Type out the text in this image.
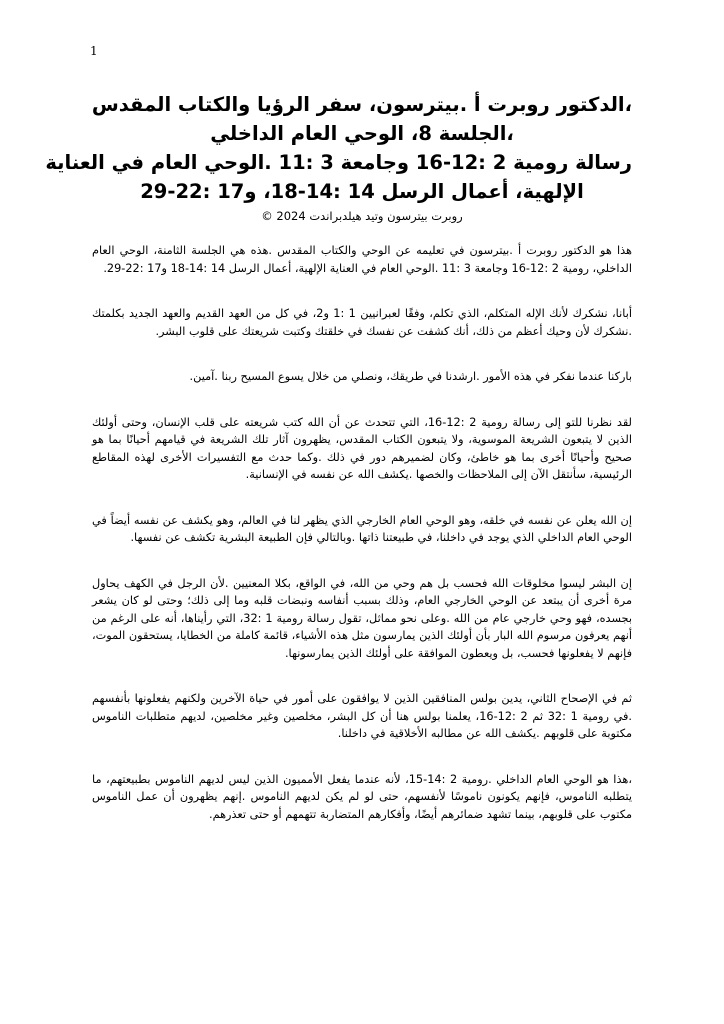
1
،الدكتور روبرت أ .بيترسون، سفر الرؤيا والكتاب المقدس
،الجلسة 8، الوحي العام الداخلي
رسالة رومية 2 :12-16 وجامعة 3 :11 .الوحي العام في العناية
الإلهية، أعمال الرسل 14 :14-18، و17 :22-29
روبرت بيترسون وتيد هيلدبراندت 2024 ©

هذا هو الدكتور روبرت أ .بيترسون في تعليمه عن الوحي والكتاب المقدس .هذه هي الجلسة الثامنة، الوحي العام الداخلي، رومية 2 :12-16 وجامعة 3 :11 .الوحي العام في العناية الإلهية، أعمال الرسل 14 :14-18 و17 :22-29.

أبانا، نشكرك لأنك الإله المتكلم، الذي تكلم، وفقًا لعبرانيين 1 :1 و2، في كل من العهد القديم والعهد الجديد بكلمتك .نشكرك لأن وحيك أعظم من ذلك، أنك كشفت عن نفسك في خلقتك وكتبت شريعتك على قلوب البشر.

باركنا عندما نفكر في هذه الأمور .ارشدنا في طريقك، ونصلي من خلال يسوع المسيح ربنا .آمين.

لقد نظرنا للتو إلى رسالة رومية 2 :12-16، التي تتحدث عن أن الله كتب شريعته على قلب الإنسان، وحتى أولئك الذين لا يتبعون الشريعة الموسوية، ولا يتبعون الكتاب المقدس، يظهرون آثار تلك الشريعة في قيامهم أحيانًا بما هو صحيح وأحيانًا أخرى بما هو خاطئ، وكان لضميرهم دور في ذلك .وكما حدث مع التفسيرات الأخرى لهذه المقاطع الرئيسية، سأنتقل الآن إلى الملاحظات والخصها .يكشف الله عن نفسه في الإنسانية.

إن الله يعلن عن نفسه في خلقه، وهو الوحي العام الخارجي الذي يظهر لنا في العالم، وهو يكشف عن نفسه أيضاً في الوحي العام الداخلي الذي يوجد في داخلنا، في طبيعتنا ذاتها .وبالتالي فإن الطبيعة البشرية تكشف عن نفسها.

إن البشر ليسوا مخلوقات الله فحسب بل هم وحي من الله، في الواقع، بكلا المعنيين .لأن الرجل في الكهف يحاول مرة أخرى أن يبتعد عن الوحي الخارجي العام، وذلك بسبب أنفاسه ونبضات قلبه وما إلى ذلك؛ وحتى لو كان يشعر بجسده، فهو وحي خارجي عام من الله .وعلى نحو مماثل، تقول رسالة رومية 1 :32، التي رأيناها، أنه على الرغم من أنهم يعرفون مرسوم الله البار بأن أولئك الذين يمارسون مثل هذه الأشياء، قائمة كاملة من الخطايا، يستحقون الموت، فإنهم لا يفعلونها فحسب، بل ويعطون الموافقة على أولئك الذين يمارسونها.

ثم في الإصحاح الثاني، يدين بولس المنافقين الذين لا يوافقون على أمور في حياة الآخرين ولكنهم يفعلونها بأنفسهم .في رومية 1 :32 ثم 2 :12-16، يعلمنا بولس هنا أن كل البشر، مخلصين وغير مخلصين، لديهم متطلبات الناموس مكتوبة على قلوبهم .يكشف الله عن مطالبه الأخلاقية في داخلنا.

،هذا هو الوحي العام الداخلي .رومية 2 :14-15، لأنه عندما يفعل الأمميون الذين ليس لديهم الناموس بطبيعتهم، ما يتطلبه الناموس، فإنهم يكونون ناموسًا لأنفسهم، حتى لو لم يكن لديهم الناموس .إنهم يظهرون أن عمل الناموس مكتوب على قلوبهم، بينما تشهد ضمائرهم أيضًا، وأفكارهم المتضاربة تتهمهم أو حتى تعذرهم.
